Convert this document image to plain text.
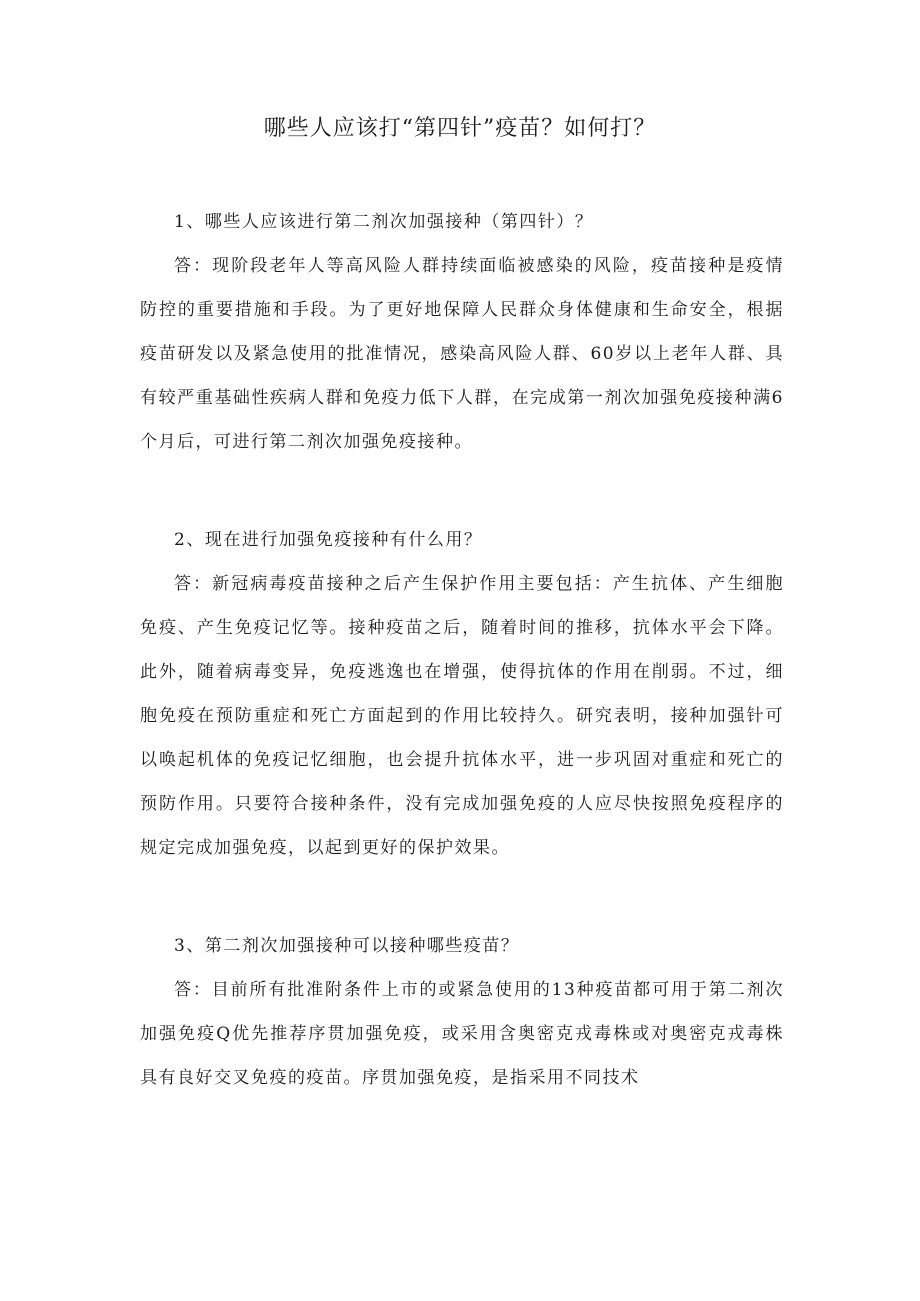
哪些人应该打“第四针”疫苗？如何打？

1、哪些人应该进行第二剂次加强接种（第四针）？

答：现阶段老年人等高风险人群持续面临被感染的风险，疫苗接种是疫情防控的重要措施和手段。为了更好地保障人民群众身体健康和生命安全，根据疫苗研发以及紧急使用的批准情况，感染高风险人群、60岁以上老年人群、具有较严重基础性疾病人群和免疫力低下人群，在完成第一剂次加强免疫接种满6个月后，可进行第二剂次加强免疫接种。

2、现在进行加强免疫接种有什么用？

答：新冠病毒疫苗接种之后产生保护作用主要包括：产生抗体、产生细胞免疫、产生免疫记忆等。接种疫苗之后，随着时间的推移，抗体水平会下降。此外，随着病毒变异，免疫逃逸也在增强，使得抗体的作用在削弱。不过，细胞免疫在预防重症和死亡方面起到的作用比较持久。研究表明，接种加强针可以唤起机体的免疫记忆细胞，也会提升抗体水平，进一步巩固对重症和死亡的预防作用。只要符合接种条件，没有完成加强免疫的人应尽快按照免疫程序的规定完成加强免疫，以起到更好的保护效果。

3、第二剂次加强接种可以接种哪些疫苗？

答：目前所有批准附条件上市的或紧急使用的13种疫苗都可用于第二剂次加强免疫Q优先推荐序贯加强免疫，或采用含奥密克戎毒株或对奥密克戎毒株具有良好交叉免疫的疫苗。序贯加强免疫，是指采用不同技术
